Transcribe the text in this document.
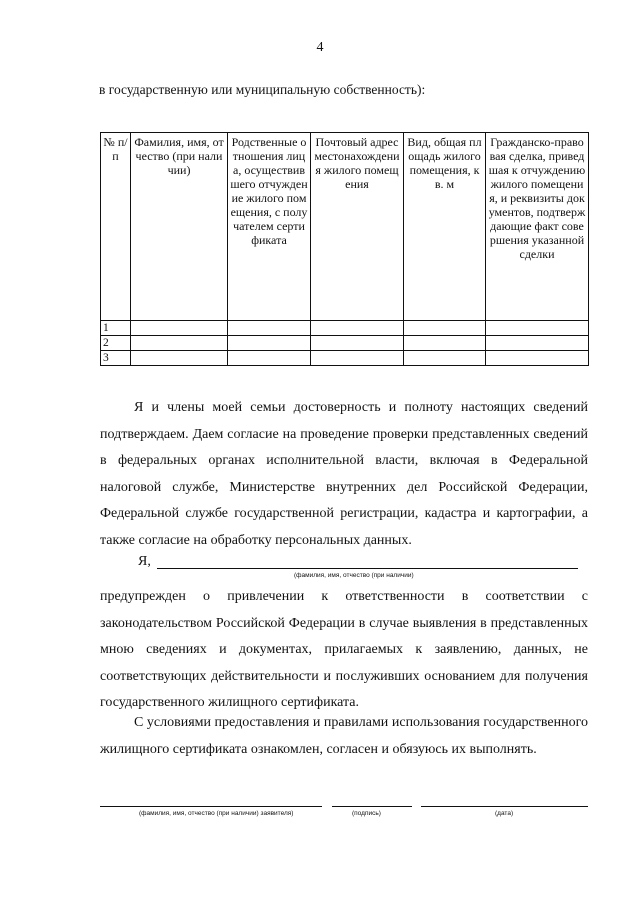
4
в государственную или муниципальную собственность):
№ п/п	Фамилия, имя, отчество (при наличии)	Родственные отношения лица, осуществившего отчуждение жилого помещения, с получателем сертификата	Почтовый адрес местонахождения жилого помещения	Вид, общая площадь жилого помещения, кв. м	Гражданско-правовая сделка, приведшая к отчуждению жилого помещения, и реквизиты документов, подтверждающие факт совершения указанной сделки
1					
2					
3					

Я и члены моей семьи достоверность и полноту настоящих сведений подтверждаем. Даем согласие на проведение проверки представленных сведений в федеральных органах исполнительной власти, включая в Федеральной налоговой службе, Министерстве внутренних дел Российской Федерации, Федеральной службе государственной регистрации, кадастра и картографии, а также согласие на обработку персональных данных.

Я,
(фамилия, имя, отчество (при наличии)

предупрежден о привлечении к ответственности в соответствии с законодательством Российской Федерации в случае выявления в представленных мною сведениях и документах, прилагаемых к заявлению, данных, не соответствующих действительности и послуживших основанием для получения государственного жилищного сертификата.

С условиями предоставления и правилами использования государственного жилищного сертификата ознакомлен, согласен и обязуюсь их выполнять.

(фамилия, имя, отчество (при наличии) заявителя)	(подпись)	(дата)
